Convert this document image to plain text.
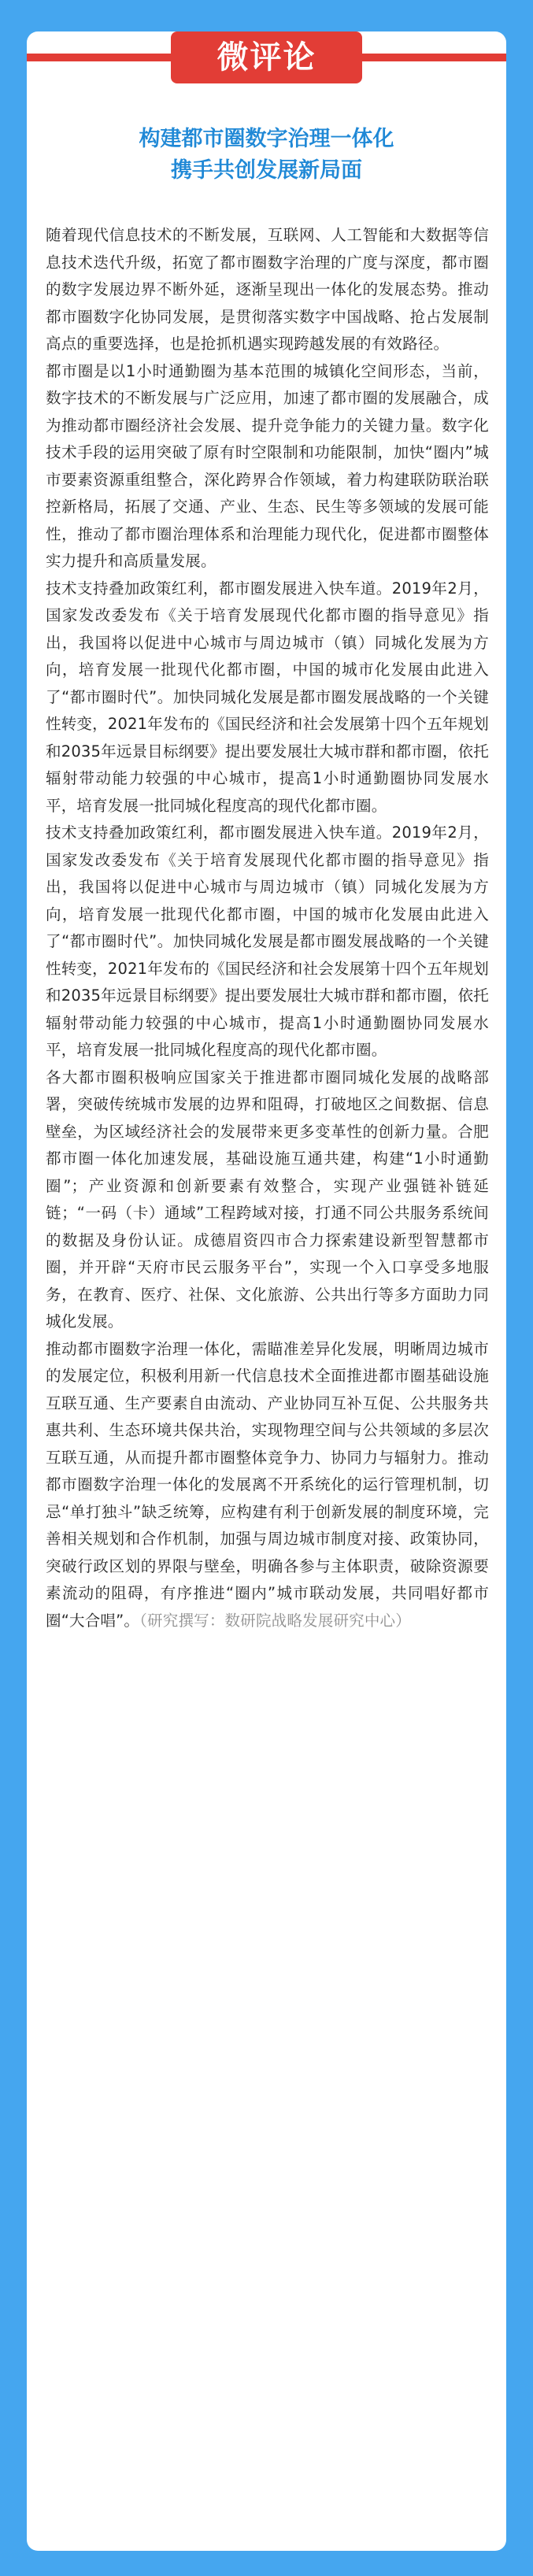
微评论
构建都市圈数字治理一体化
携手共创发展新局面

随着现代信息技术的不断发展，互联网、人工智能和大数据等信息技术迭代升级，拓宽了都市圈数字治理的广度与深度，都市圈的数字发展边界不断外延，逐渐呈现出一体化的发展态势。推动都市圈数字化协同发展，是贯彻落实数字中国战略、抢占发展制高点的重要选择，也是抢抓机遇实现跨越发展的有效路径。

都市圈是以1小时通勤圈为基本范围的城镇化空间形态，当前，数字技术的不断发展与广泛应用，加速了都市圈的发展融合，成为推动都市圈经济社会发展、提升竞争能力的关键力量。数字化技术手段的运用突破了原有时空限制和功能限制，加快“圈内”城市要素资源重组整合，深化跨界合作领域，着力构建联防联治联控新格局，拓展了交通、产业、生态、民生等多领域的发展可能性，推动了都市圈治理体系和治理能力现代化，促进都市圈整体实力提升和高质量发展。

技术支持叠加政策红利，都市圈发展进入快车道。2019年2月，国家发改委发布《关于培育发展现代化都市圈的指导意见》指出，我国将以促进中心城市与周边城市（镇）同城化发展为方向，培育发展一批现代化都市圈，中国的城市化发展由此进入了“都市圈时代”。加快同城化发展是都市圈发展战略的一个关键性转变，2021年发布的《国民经济和社会发展第十四个五年规划和2035年远景目标纲要》提出要发展壮大城市群和都市圈，依托辐射带动能力较强的中心城市，提高1小时通勤圈协同发展水平，培育发展一批同城化程度高的现代化都市圈。

技术支持叠加政策红利，都市圈发展进入快车道。2019年2月，国家发改委发布《关于培育发展现代化都市圈的指导意见》指出，我国将以促进中心城市与周边城市（镇）同城化发展为方向，培育发展一批现代化都市圈，中国的城市化发展由此进入了“都市圈时代”。加快同城化发展是都市圈发展战略的一个关键性转变，2021年发布的《国民经济和社会发展第十四个五年规划和2035年远景目标纲要》提出要发展壮大城市群和都市圈，依托辐射带动能力较强的中心城市，提高1小时通勤圈协同发展水平，培育发展一批同城化程度高的现代化都市圈。

各大都市圈积极响应国家关于推进都市圈同城化发展的战略部署，突破传统城市发展的边界和阻碍，打破地区之间数据、信息壁垒，为区域经济社会的发展带来更多变革性的创新力量。合肥都市圈一体化加速发展，基础设施互通共建，构建“1小时通勤圈”；产业资源和创新要素有效整合，实现产业强链补链延链；“一码（卡）通域”工程跨域对接，打通不同公共服务系统间的数据及身份认证。成德眉资四市合力探索建设新型智慧都市圈，并开辟“天府市民云服务平台”，实现一个入口享受多地服务，在教育、医疗、社保、文化旅游、公共出行等多方面助力同城化发展。

推动都市圈数字治理一体化，需瞄准差异化发展，明晰周边城市的发展定位，积极利用新一代信息技术全面推进都市圈基础设施互联互通、生产要素自由流动、产业协同互补互促、公共服务共惠共利、生态环境共保共治，实现物理空间与公共领域的多层次互联互通，从而提升都市圈整体竞争力、协同力与辐射力。推动都市圈数字治理一体化的发展离不开系统化的运行管理机制，切忌“单打独斗”缺乏统筹，应构建有利于创新发展的制度环境，完善相关规划和合作机制，加强与周边城市制度对接、政策协同，突破行政区划的界限与壁垒，明确各参与主体职责，破除资源要素流动的阻碍，有序推进“圈内”城市联动发展，共同唱好都市圈“大合唱”。（研究撰写：数研院战略发展研究中心）
